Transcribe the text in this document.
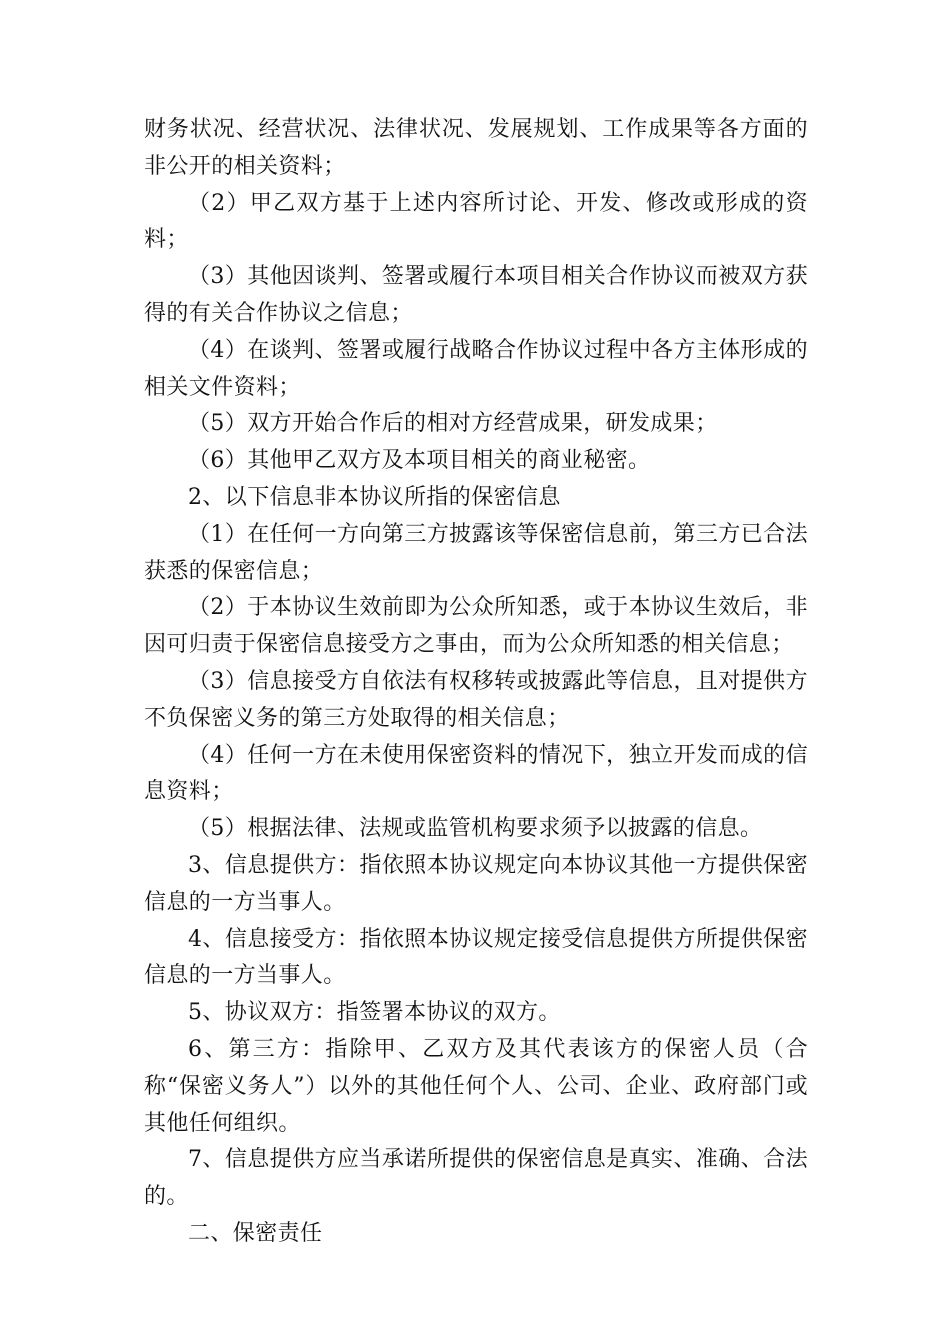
财务状况、经营状况、法律状况、发展规划、工作成果等各方面的非公开的相关资料；

（2）甲乙双方基于上述内容所讨论、开发、修改或形成的资料；

（3）其他因谈判、签署或履行本项目相关合作协议而被双方获得的有关合作协议之信息；

（4）在谈判、签署或履行战略合作协议过程中各方主体形成的相关文件资料；

（5）双方开始合作后的相对方经营成果，研发成果；

（6）其他甲乙双方及本项目相关的商业秘密。

2、以下信息非本协议所指的保密信息

（1）在任何一方向第三方披露该等保密信息前，第三方已合法获悉的保密信息；

（2）于本协议生效前即为公众所知悉，或于本协议生效后，非因可归责于保密信息接受方之事由，而为公众所知悉的相关信息；

（3）信息接受方自依法有权移转或披露此等信息，且对提供方不负保密义务的第三方处取得的相关信息；

（4）任何一方在未使用保密资料的情况下，独立开发而成的信息资料；

（5）根据法律、法规或监管机构要求须予以披露的信息。

3、信息提供方：指依照本协议规定向本协议其他一方提供保密信息的一方当事人。

4、信息接受方：指依照本协议规定接受信息提供方所提供保密信息的一方当事人。

5、协议双方：指签署本协议的双方。

6、第三方：指除甲、乙双方及其代表该方的保密人员（合称“保密义务人”）以外的其他任何个人、公司、企业、政府部门或其他任何组织。

7、信息提供方应当承诺所提供的保密信息是真实、准确、合法的。

二、保密责任
